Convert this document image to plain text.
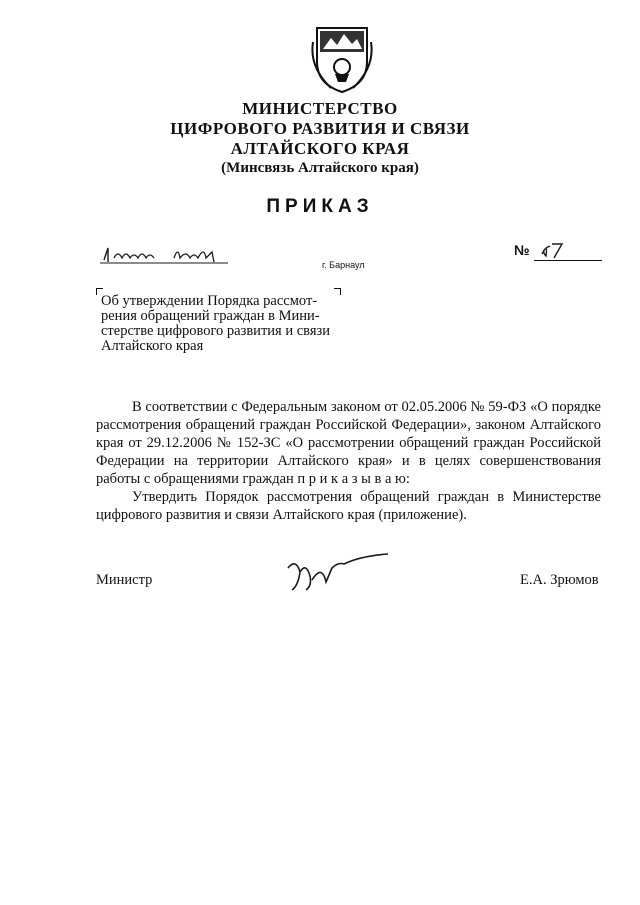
МИНИСТЕРСТВО
ЦИФРОВОГО РАЗВИТИЯ И СВЯЗИ
АЛТАЙСКОГО КРАЯ
(Минсвязь Алтайского края)
ПРИКАЗ
г. Барнаул
№
Об утверждении Порядка рассмот-
рения обращений граждан в Мини-
стерстве цифрового развития и связи
Алтайского края

В соответствии с Федеральным законом от 02.05.2006 № 59-ФЗ «О порядке рассмотрения обращений граждан Российской Федерации», законом Алтайского края от 29.12.2006 № 152-ЗС «О рассмотрении обращений граждан Российской Федерации на территории Алтайского края» и в целях совершенствования работы с обращениями граждан п р и к а з ы в а ю:

Утвердить Порядок рассмотрения обращений граждан в Министерстве цифрового развития и связи Алтайского края (приложение).

Министр	Е.А. Зрюмов
